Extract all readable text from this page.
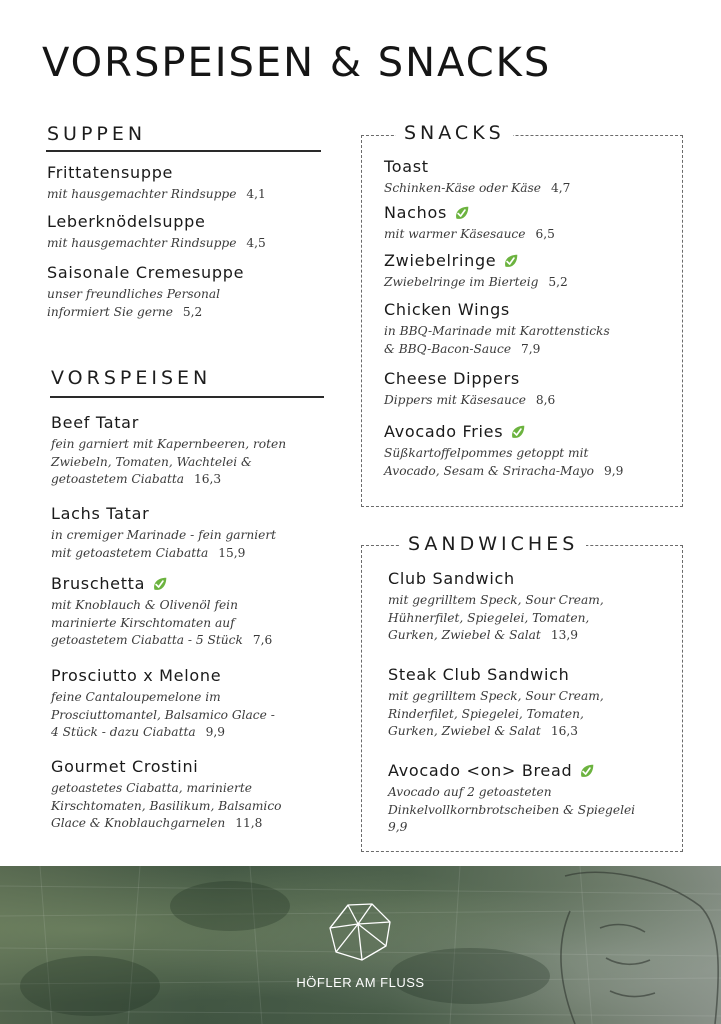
VORSPEISEN & SNACKS
SUPPEN
Frittatensuppe
mit hausgemachter Rindsuppe 4,1
Leberknödelsuppe
mit hausgemachter Rindsuppe 4,5
Saisonale Cremesuppe
unser freundliches Personal
informiert Sie gerne 5,2
VORSPEISEN
Beef Tatar
fein garniert mit Kapernbeeren, roten
Zwiebeln, Tomaten, Wachtelei &
getoastetem Ciabatta 16,3
Lachs Tatar
in cremiger Marinade - fein garniert
mit getoastetem Ciabatta 15,9
Bruschetta
mit Knoblauch & Olivenöl fein
marinierte Kirschtomaten auf
getoastetem Ciabatta - 5 Stück 7,6
Prosciutto x Melone
feine Cantaloupemelone im
Prosciuttomantel, Balsamico Glace -
4 Stück - dazu Ciabatta 9,9
Gourmet Crostini
getoastetes Ciabatta, marinierte
Kirschtomaten, Basilikum, Balsamico
Glace & Knoblauchgarnelen 11,8
SNACKS
Toast
Schinken-Käse oder Käse 4,7
Nachos
mit warmer Käsesauce 6,5
Zwiebelringe
Zwiebelringe im Bierteig 5,2
Chicken Wings
in BBQ-Marinade mit Karottensticks
& BBQ-Bacon-Sauce 7,9
Cheese Dippers
Dippers mit Käsesauce 8,6
Avocado Fries
Süßkartoffelpommes getoppt mit
Avocado, Sesam & Sriracha-Mayo 9,9
SANDWICHES
Club Sandwich
mit gegrilltem Speck, Sour Cream,
Hühnerfilet, Spiegelei, Tomaten,
Gurken, Zwiebel & Salat 13,9
Steak Club Sandwich
mit gegrilltem Speck, Sour Cream,
Rinderfilet, Spiegelei, Tomaten,
Gurken, Zwiebel & Salat 16,3
Avocado <on> Bread
Avocado auf 2 getoasteten
Dinkelvollkornbrotscheiben & Spiegelei
9,9
HÖFLER AM FLUSS
